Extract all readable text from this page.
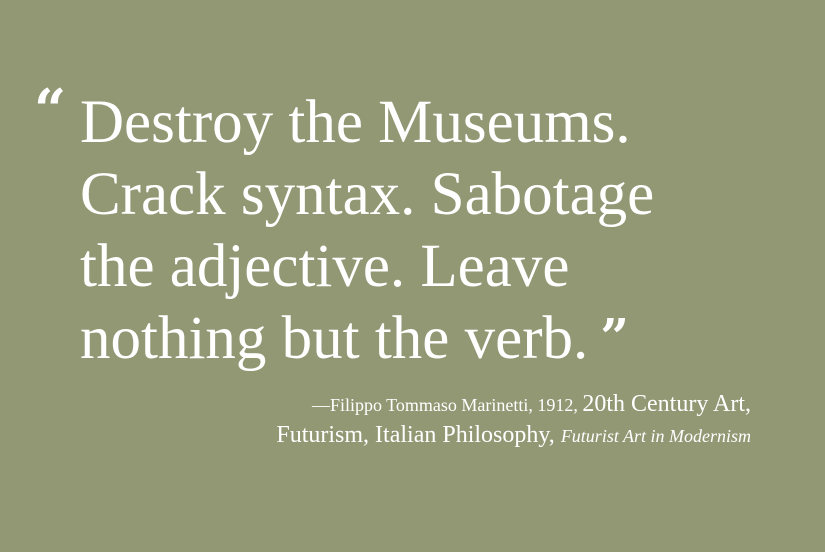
“ Destroy the Museums.
Crack syntax. Sabotage
the adjective. Leave
nothing but the verb. ”
—Filippo Tommaso Marinetti, 1912, 20th Century Art,
Futurism, Italian Philosophy, Futurist Art in Modernism
